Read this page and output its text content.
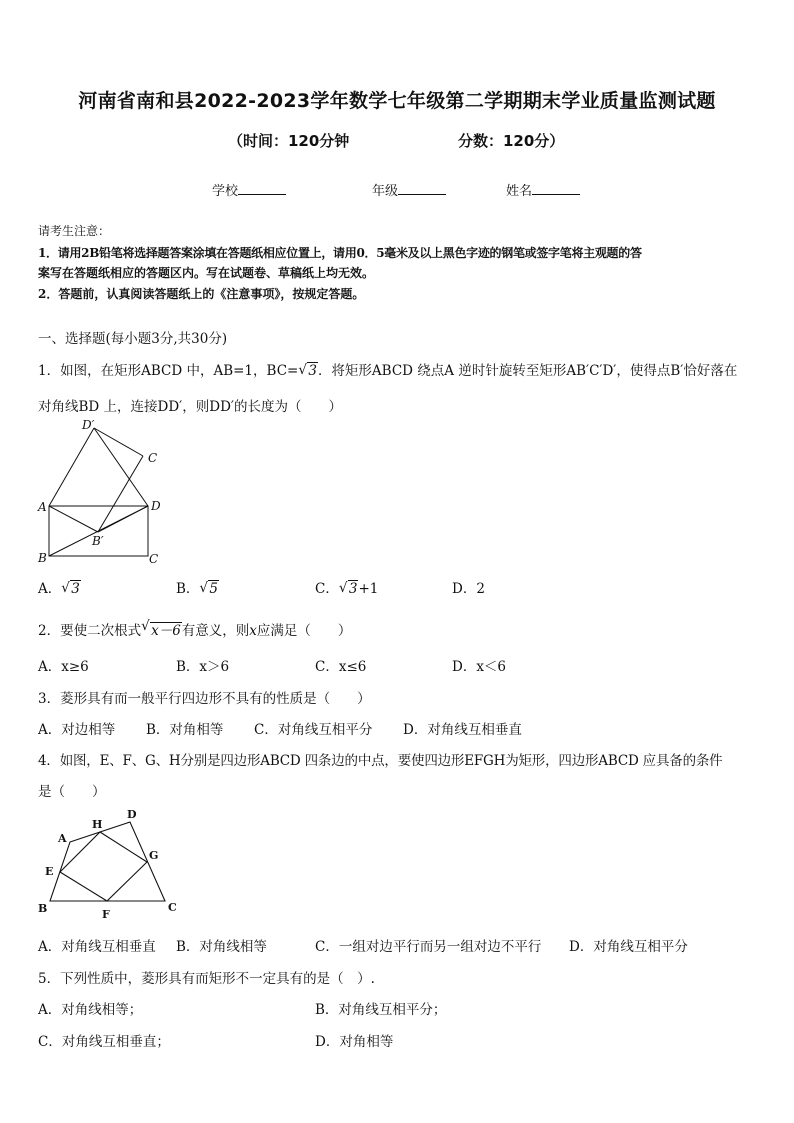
河南省南和县2022-2023学年数学七年级第二学期期末学业质量监测试题
（时间：120分钟	分数：120分）
学校	年级	姓名
请考生注意：
1．请用2B铅笔将选择题答案涂填在答题纸相应位置上，请用0．5毫米及以上黑色字迹的钢笔或签字笔将主观题的答
案写在答题纸相应的答题区内。写在试题卷、草稿纸上均无效。
2．答题前，认真阅读答题纸上的《注意事项》，按规定答题。
一、选择题(每小题3分,共30分)
1．如图，在矩形ABCD 中，AB=1，BC= √ 3．将矩形ABCD 绕点A 逆时针旋转至矩形AB′C′D′，使得点B′恰好落在
对角线BD 上，连接DD′，则DD′的长度为（　　）
D′
C
A	D
B′
B	C
A． √ 3	B． √ 5	C． √ 3+1	D．2
2．要使二次根式 √ x－6有意义，则x应满足（　　）
A．x≥6	B．x＞6	C．x≤6	D．x＜6
3．菱形具有而一般平行四边形不具有的性质是（　　）
A．对边相等 B．对角相等 C．对角线互相平分 D．对角线互相垂直
4．如图，E、F、G、H分别是四边形ABCD 四条边的中点，要使四边形EFGH为矩形，四边形ABCD 应具备的条件
是（　　）
A
H
D
E
G
B	F
C
A．对角线互相垂直 B．对角线相等	C．一组对边平行而另一组对边不平行 D．对角线互相平分
5．下列性质中，菱形具有而矩形不一定具有的是（　）.
A．对角线相等；	B．对角线互相平分；
C．对角线互相垂直；	D．对角相等
